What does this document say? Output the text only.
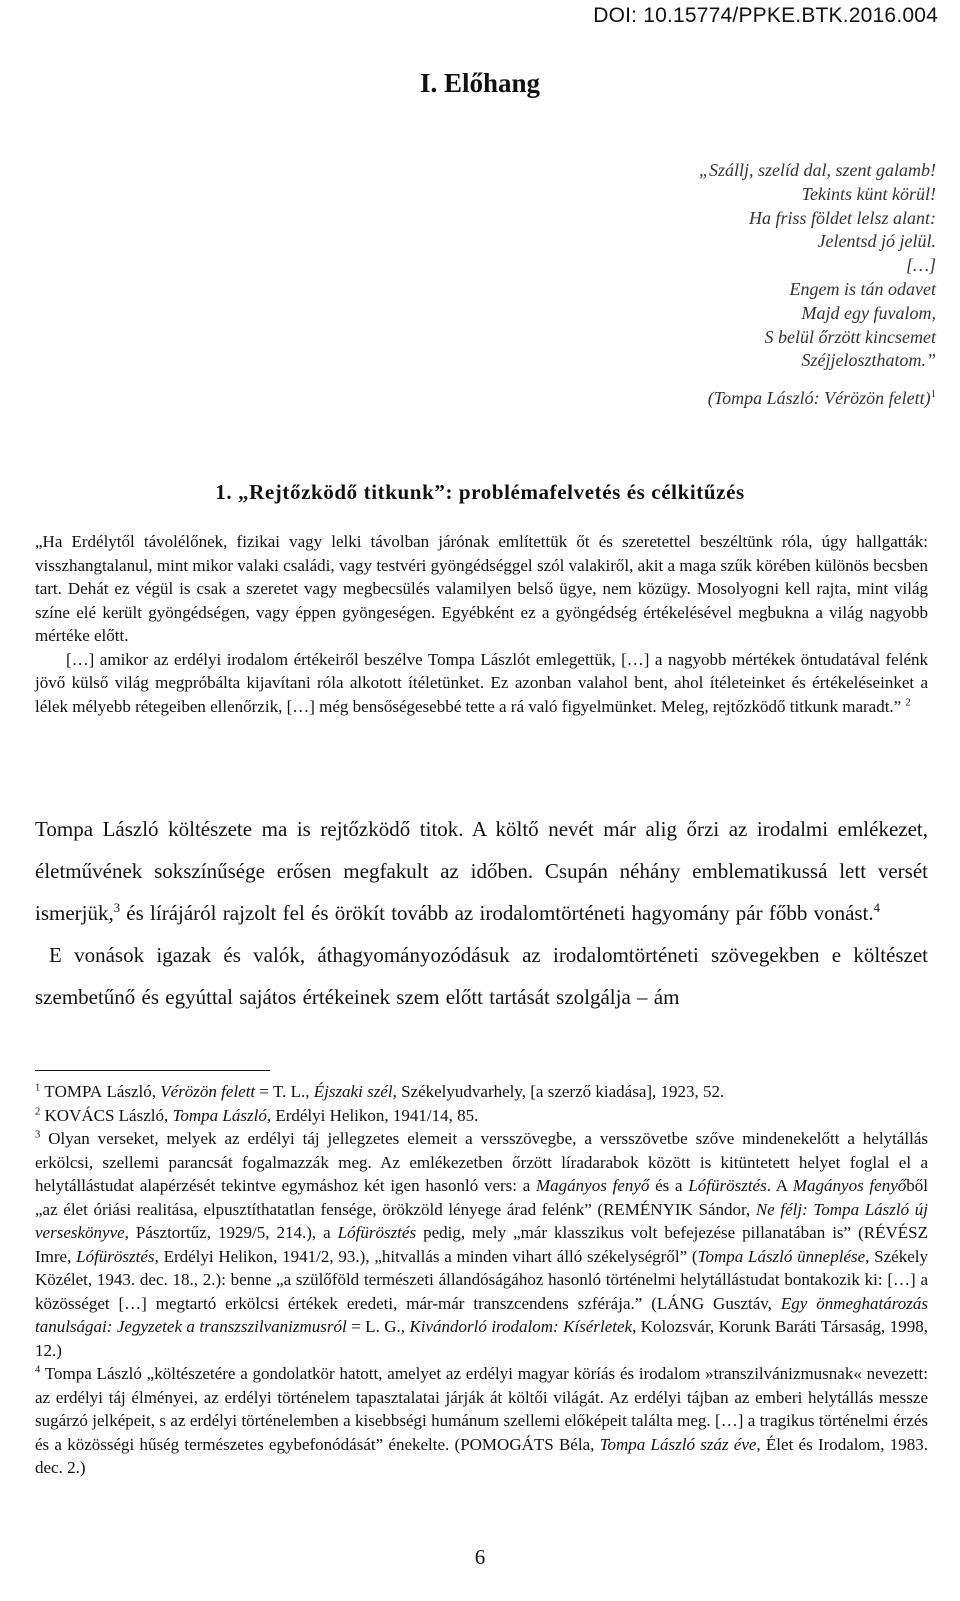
DOI: 10.15774/PPKE.BTK.2016.004
I. Előhang
„Szállj, szelíd dal, szent galamb!
Tekints künt körül!
Ha friss földet lelsz alant:
Jelentsd jó jelül.
[…]
Engem is tán odavet
Majd egy fuvalom,
S belül őrzött kincsemet
Széjjeloszthatom.”
(Tompa László: Vérözön felett)$^1$
1. „Rejtőzködő titkunk”: problémafelvetés és célkitűzés

„Ha Erdélytől távolélőnek, fizikai vagy lelki távolban járónak említettük őt és szeretettel beszéltünk róla, úgy hallgatták: visszhangtalanul, mint mikor valaki családi, vagy testvéri gyöngédséggel szól valakiről, akit a maga szűk körében különös becsben tart. Dehát ez végül is csak a szeretet vagy megbecsülés valamilyen belső ügye, nem közügy. Mosolyogni kell rajta, mint világ színe elé került gyöngédségen, vagy éppen gyöngeségen. Egyébként ez a gyöngédség értékelésével megbukna a világ nagyobb mértéke előtt.

[…] amikor az erdélyi irodalom értékeiről beszélve Tompa Lászlót emlegettük, […] a nagyobb mértékek öntudatával felénk jövő külső világ megpróbálta kijavítani róla alkotott ítéletünket. Ez azonban valahol bent, ahol ítéleteinket és értékeléseinket a lélek mélyebb rétegeiben ellenőrzik, […] még bensőségesebbé tette a rá való figyelmünket. Meleg, rejtőzködő titkunk maradt.” $^2$

Tompa László költészete ma is rejtőzködő titok. A költő nevét már alig őrzi az irodalmi emlékezet, életművének sokszínűsége erősen megfakult az időben. Csupán néhány emblematikussá lett versét ismerjük,$^3$ és lírájáról rajzolt fel és örökít tovább az irodalomtörténeti hagyomány pár főbb vonást.$^4$

E vonások igazak és valók, áthagyományozódásuk az irodalomtörténeti szövegekben e költészet szembetűnő és egyúttal sajátos értékeinek szem előtt tartását szolgálja – ám

$^1$ TOMPA László, Vérözön felett = T. L., Éjszaki szél, Székelyudvarhely, [a szerző kiadása], 1923, 52.

$^2$ KOVÁCS László, Tompa László, Erdélyi Helikon, 1941/14, 85.

$^3$ Olyan verseket, melyek az erdélyi táj jellegzetes elemeit a versszövegbe, a versszövetbe szőve mindenekelőtt a helytállás erkölcsi, szellemi parancsát fogalmazzák meg. Az emlékezetben őrzött líradarabok között is kitüntetett helyet foglal el a helytállástudat alapérzését tekintve egymáshoz két igen hasonló vers: a Magányos fenyő és a Lófürösztés. A Magányos fenyőből „az élet óriási realitása, elpusztíthatatlan fensége, örökzöld lényege árad felénk” (REMÉNYIK Sándor, Ne félj: Tompa László új verseskönyve, Pásztortűz, 1929/5, 214.), a Lófürösztés pedig, mely „már klasszikus volt befejezése pillanatában is” (RÉVÉSZ Imre, Lófürösztés, Erdélyi Helikon, 1941/2, 93.), „hitvallás a minden vihart álló székelységről” (Tompa László ünneplése, Székely Közélet, 1943. dec. 18., 2.): benne „a szülőföld természeti állandóságához hasonló történelmi helytállástudat bontakozik ki: […] a közösséget […] megtartó erkölcsi értékek eredeti, már-már transzcendens szférája.” (LÁNG Gusztáv, Egy önmeghatározás tanulságai: Jegyzetek a transzszilvanizmusról = L. G., Kivándorló irodalom: Kísérletek, Kolozsvár, Korunk Baráti Társaság, 1998, 12.)

$^4$ Tompa László „költészetére a gondolatkör hatott, amelyet az erdélyi magyar köríás és irodalom »transzilvánizmusnak« nevezett: az erdélyi táj élményei, az erdélyi történelem tapasztalatai járják át költői világát. Az erdélyi tájban az emberi helytállás messze sugárzó jelképeit, s az erdélyi történelemben a kisebbségi humánum szellemi előképeit találta meg. […] a tragikus történelmi érzés és a közösségi hűség természetes egybefonódását” énekelte. (POMOGÁTS Béla, Tompa László száz éve, Élet és Irodalom, 1983. dec. 2.)

6
